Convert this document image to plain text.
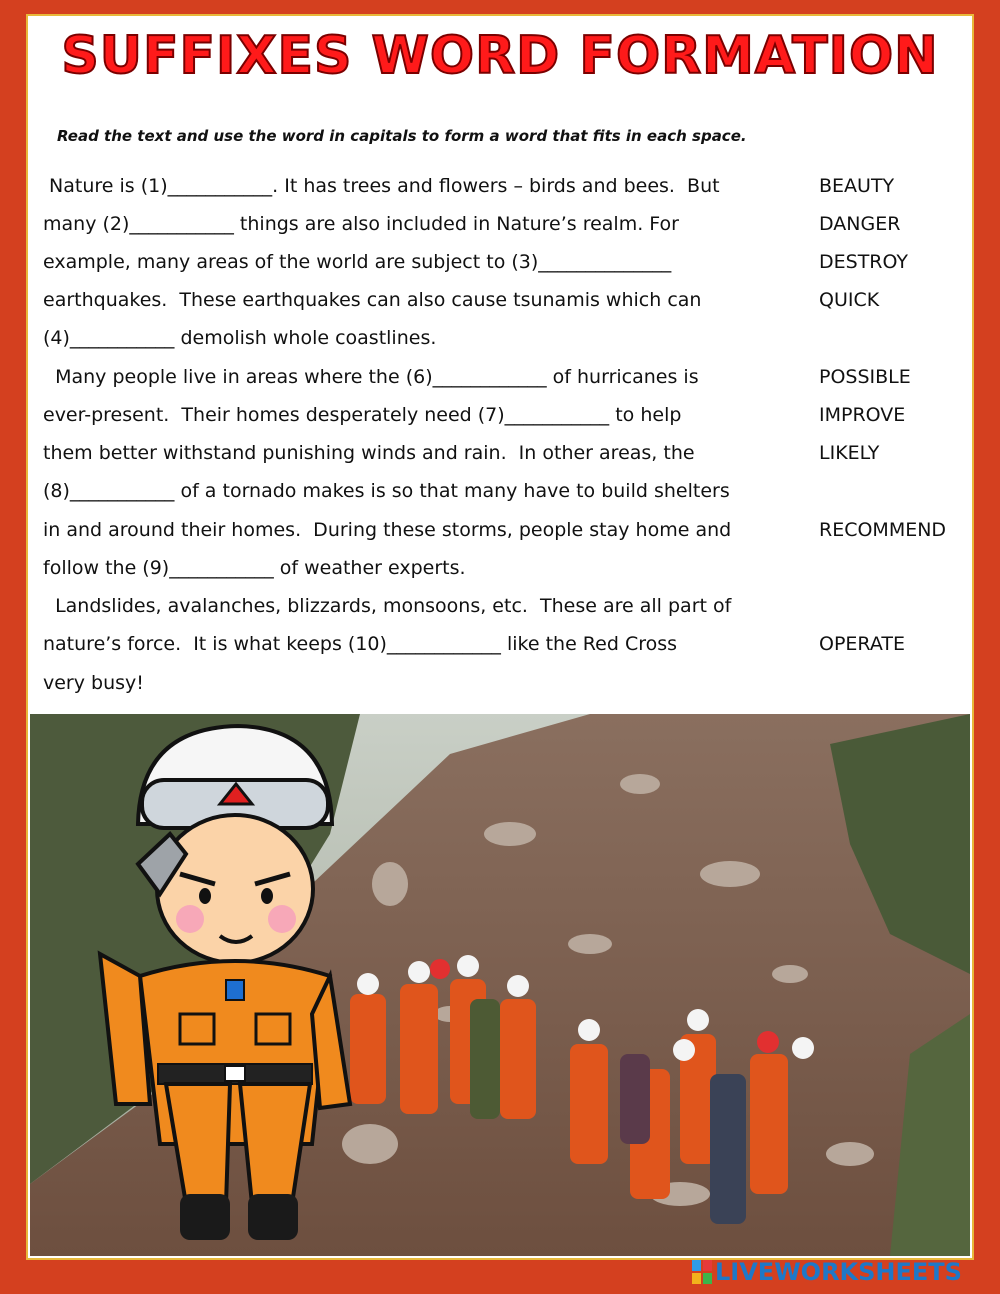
SUFFIXES WORD FORMATION
Read the text and use the word in capitals to form a word that fits in each space.
Nature is (1)___________. It has trees and flowers – birds and bees.  But
many (2)___________ things are also included in Nature’s realm. For
example, many areas of the world are subject to (3)______________
earthquakes.  These earthquakes can also cause tsunamis which can
(4)___________ demolish whole coastlines.
Many people live in areas where the (6)____________ of hurricanes is
ever-present.  Their homes desperately need (7)___________ to help
them better withstand punishing winds and rain.  In other areas, the
(8)___________ of a tornado makes is so that many have to build shelters
in and around their homes.  During these storms, people stay home and
follow the (9)___________ of weather experts.
Landslides, avalanches, blizzards, monsoons, etc.  These are all part of
nature’s force.  It is what keeps (10)____________ like the Red Cross
very busy!
BEAUTY
DANGER
DESTROY
QUICK
POSSIBLE
IMPROVE
LIKELY
RECOMMEND
OPERATE
LIVEWORKSHEETS
